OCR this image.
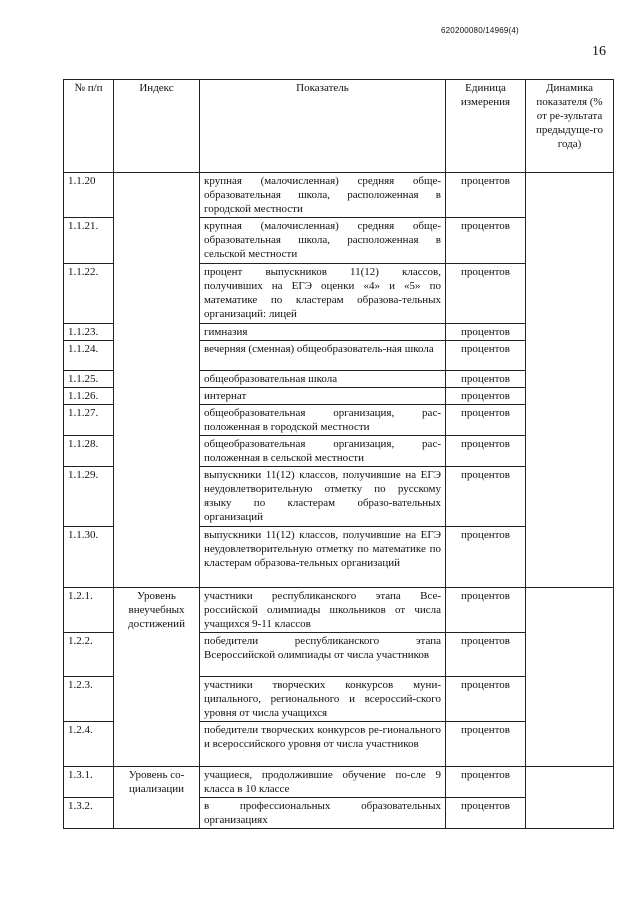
620200080/14969(4)
16
№ п/п	Индекс	Показатель	Единица измерения	Динамика показателя (% от ре-зультата предыдуще-го года)
1.1.20		крупная (малочисленная) средняя обще-образовательная школа, расположенная в городской местности	процентов	
1.1.21.		крупная (малочисленная) средняя обще-образовательная школа, расположенная в сельской местности	процентов	
1.1.22.		процент выпускников 11(12) классов, получивших на ЕГЭ оценки «4» и «5» по математике по кластерам образова-тельных организаций: лицей	процентов	
1.1.23.		гимназия	процентов	
1.1.24.		вечерняя (сменная) общеобразователь-ная школа	процентов	
1.1.25.		общеобразовательная школа	процентов	
1.1.26.		интернат	процентов	
1.1.27.		общеобразовательная организация, рас-положенная в городской местности	процентов	
1.1.28.		общеобразовательная организация, рас-положенная в сельской местности	процентов	
1.1.29.		выпускники 11(12) классов, получившие на ЕГЭ неудовлетворительную отметку по русскому языку по кластерам образо-вательных организаций	процентов	
1.1.30.		выпускники 11(12) классов, получившие на ЕГЭ неудовлетворительную отметку по математике по кластерам образова-тельных организаций	процентов	
1.2.1.	Уровень внеучебных достижений	участники республиканского этапа Все-российской олимпиады школьников от числа учащихся 9-11 классов	процентов	
1.2.2.		победители республиканского этапа Всероссийской олимпиады от числа участников	процентов	
1.2.3.		участники творческих конкурсов муни-ципального, регионального и всероссий-ского уровня от числа учащихся	процентов	
1.2.4.		победители творческих конкурсов ре-гионального и всероссийского уровня от числа участников	процентов	
1.3.1.	Уровень со-циализации	учащиеся, продолжившие обучение по-сле 9 класса в 10 классе	процентов	
1.3.2.		в профессиональных образовательных организациях	процентов	
